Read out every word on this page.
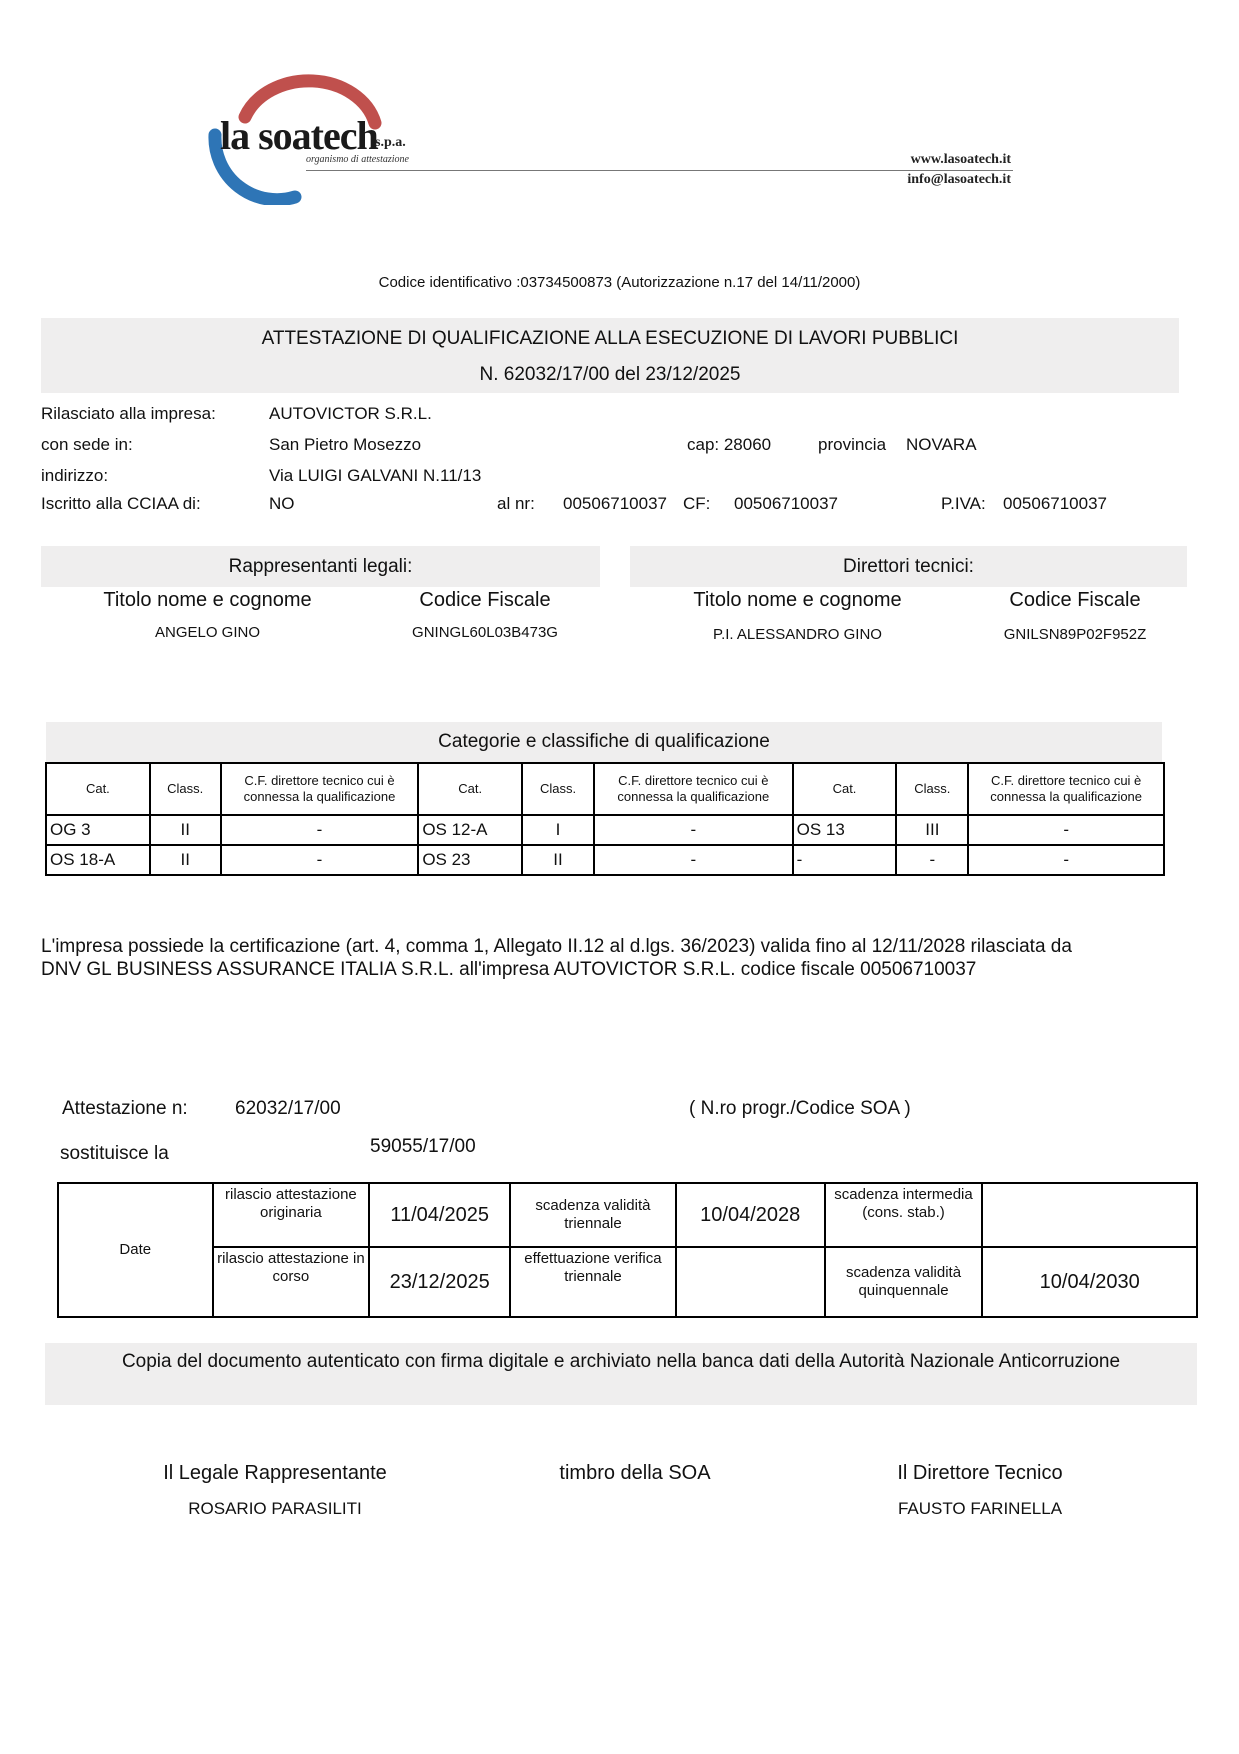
la soatech
s.p.a.
organismo di attestazione	www.lasoatech.it
info@lasoatech.it
Codice identificativo :03734500873 (Autorizzazione n.17 del 14/11/2000)
ATTESTAZIONE DI QUALIFICAZIONE ALLA ESECUZIONE DI LAVORI PUBBLICI
N. 62032/17/00 del 23/12/2025
Rilasciato alla impresa:	AUTOVICTOR S.R.L.
con sede in:	San Pietro Mosezzo	cap: 28060	provincia NOVARA
indirizzo:	Via LUIGI GALVANI N.11/13
Iscritto alla CCIAA di:	NO	al nr: 00506710037 CF: 00506710037	P.IVA: 00506710037
Rappresentanti legali:	Direttori tecnici:
Titolo nome e cognome	Codice Fiscale	Titolo nome e cognome	Codice Fiscale
ANGELO GINO	GNINGL60L03B473G	P.I. ALESSANDRO GINO	GNILSN89P02F952Z
Categorie e classifiche di qualificazione
Cat.	Class.	C.F. direttore tecnico cui è connessa la qualificazione	Cat.	Class.	C.F. direttore tecnico cui è connessa la qualificazione	Cat.	Class.	C.F. direttore tecnico cui è connessa la qualificazione
OG 3	II	-	OS 12-A	I	-	OS 13	III	-
OS 18-A	II	-	OS 23	II	-	-	-	-
L'impresa possiede la certificazione (art. 4, comma 1, Allegato II.12 al d.lgs. 36/2023) valida fino al 12/11/2028 rilasciata da
DNV GL BUSINESS ASSURANCE ITALIA S.R.L. all'impresa AUTOVICTOR S.R.L. codice fiscale 00506710037
Attestazione n: 62032/17/00	( N.ro progr./Codice SOA )
sostituisce la	59055/17/00
Date	rilascio attestazione originaria	11/04/2025	scadenza validità triennale	10/04/2028	scadenza intermedia (cons. stab.)	
	rilascio attestazione in corso	23/12/2025	effettuazione verifica triennale		scadenza validità quinquennale	10/04/2030
Copia del documento autenticato con firma digitale e archiviato nella banca dati della Autorità Nazionale Anticorruzione
Il Legale Rappresentante
ROSARIO PARASILITI
timbro della SOA	Il Direttore Tecnico
FAUSTO FARINELLA
